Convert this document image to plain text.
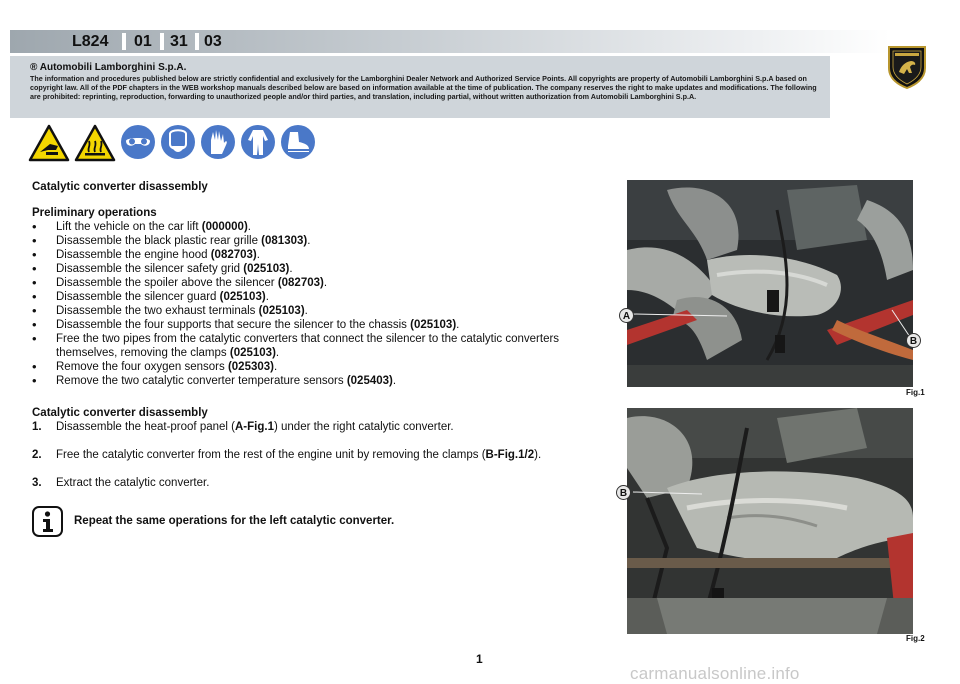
L824 01 31 03

® Automobili Lamborghini S.p.A.

The information and procedures published below are strictly confidential and exclusively for the Lamborghini Dealer Network and Authorized Service Points. All copyrights are property of Automobili Lamborghini S.p.A based on copyright law. All of the PDF chapters in the WEB workshop manuals described below are based on information available at the time of publication. The company reserves the right to make updates and modifications. The following are prohibited: reprinting, reproduction, forwarding to unauthorized people and/or third parties, and translation, including partial, without written authorization from Automobili Lamborghini S.p.A.

Catalytic converter disassembly

Preliminary operations

• Lift the vehicle on the car lift (000000).
• Disassemble the black plastic rear grille (081303).
• Disassemble the engine hood (082703).
• Disassemble the silencer safety grid (025103).
• Disassemble the spoiler above the silencer (082703).
• Disassemble the silencer guard (025103).
• Disassemble the two exhaust terminals (025103).
• Disassemble the four supports that secure the silencer to the chassis (025103).
• Free the two pipes from the catalytic converters that connect the silencer to the catalytic converters themselves, removing the clamps (025103).
• Remove the four oxygen sensors (025303).
• Remove the two catalytic converter temperature sensors (025403).

Catalytic converter disassembly

1. Disassemble the heat-proof panel (A-Fig.1) under the right catalytic converter.

2. Free the catalytic converter from the rest of the engine unit by removing the clamps (B-Fig.1/2).

3. Extract the catalytic converter.

Repeat the same operations for the left catalytic converter.
Fig.1
A
B
Fig.2
B
1
carmanualsonline.info
